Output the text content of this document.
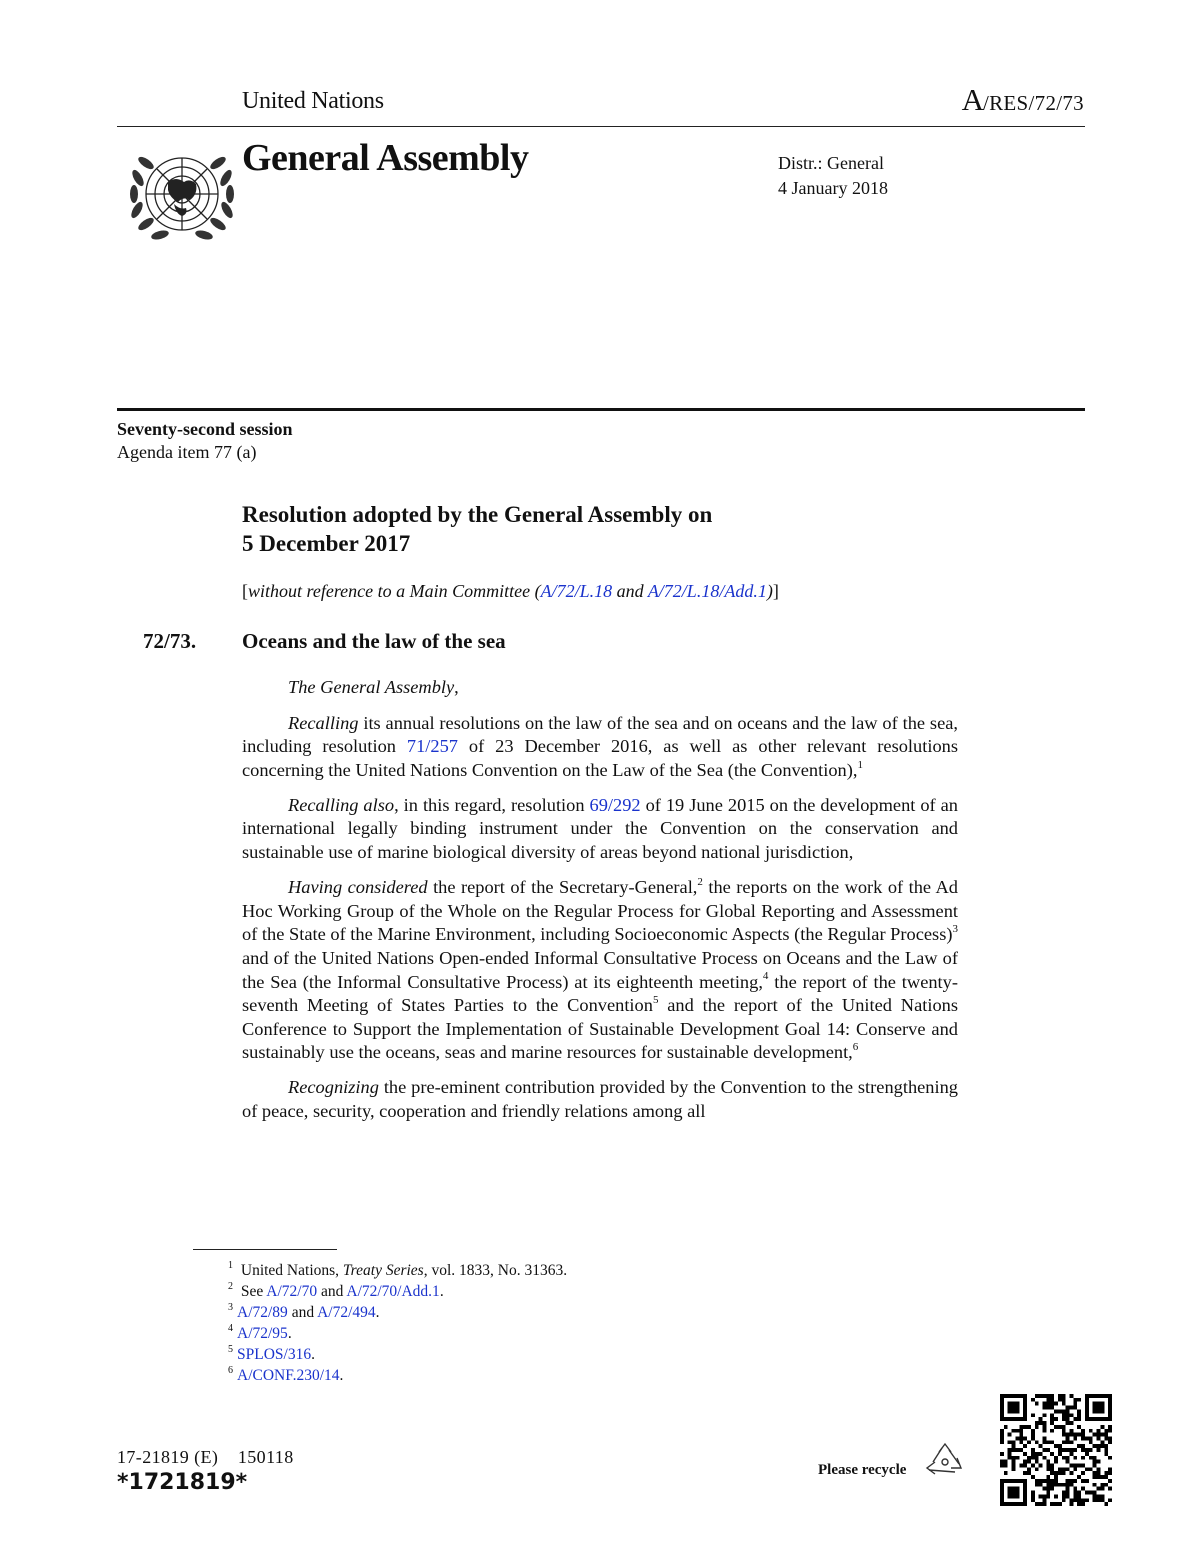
United Nations	A/RES/72/73
General Assembly	Distr.: General
4 January 2018
Seventy-second session
Agenda item 77 (a)
Resolution adopted by the General Assembly on
5 December 2017
[without reference to a Main Committee (A/72/L.18 and A/72/L.18/Add.1)]
72/73. Oceans and the law of the sea

The General Assembly,

Recalling its annual resolutions on the law of the sea and on oceans and the law of the sea, including resolution 71/257 of 23 December 2016, as well as other relevant resolutions concerning the United Nations Convention on the Law of the Sea (the Convention),$^1$

Recalling also, in this regard, resolution 69/292 of 19 June 2015 on the development of an international legally binding instrument under the Convention on the conservation and sustainable use of marine biological diversity of areas beyond national jurisdiction,

Having considered the report of the Secretary-General,$^2$ the reports on the work of the Ad Hoc Working Group of the Whole on the Regular Process for Global Reporting and Assessment of the State of the Marine Environment, including Socioeconomic Aspects (the Regular Process)$^3$ and of the United Nations Open-ended Informal Consultative Process on Oceans and the Law of the Sea (the Informal Consultative Process) at its eighteenth meeting,$^4$ the report of the twenty-seventh Meeting of States Parties to the Convention$^5$ and the report of the United Nations Conference to Support the Implementation of Sustainable Development Goal 14: Conserve and sustainably use the oceans, seas and marine resources for sustainable development,$^6$

Recognizing the pre-eminent contribution provided by the Convention to the strengthening of peace, security, cooperation and friendly relations among all

$^1$ United Nations, Treaty Series, vol. 1833, No. 31363.
$^2$ See A/72/70 and A/72/70/Add.1.
$^3$ A/72/89 and A/72/494.
$^4$ A/72/95.
$^5$ SPLOS/316.
$^6$ A/CONF.230/14.
17-21819 (E)    150118
*1721819*	Please recycle
